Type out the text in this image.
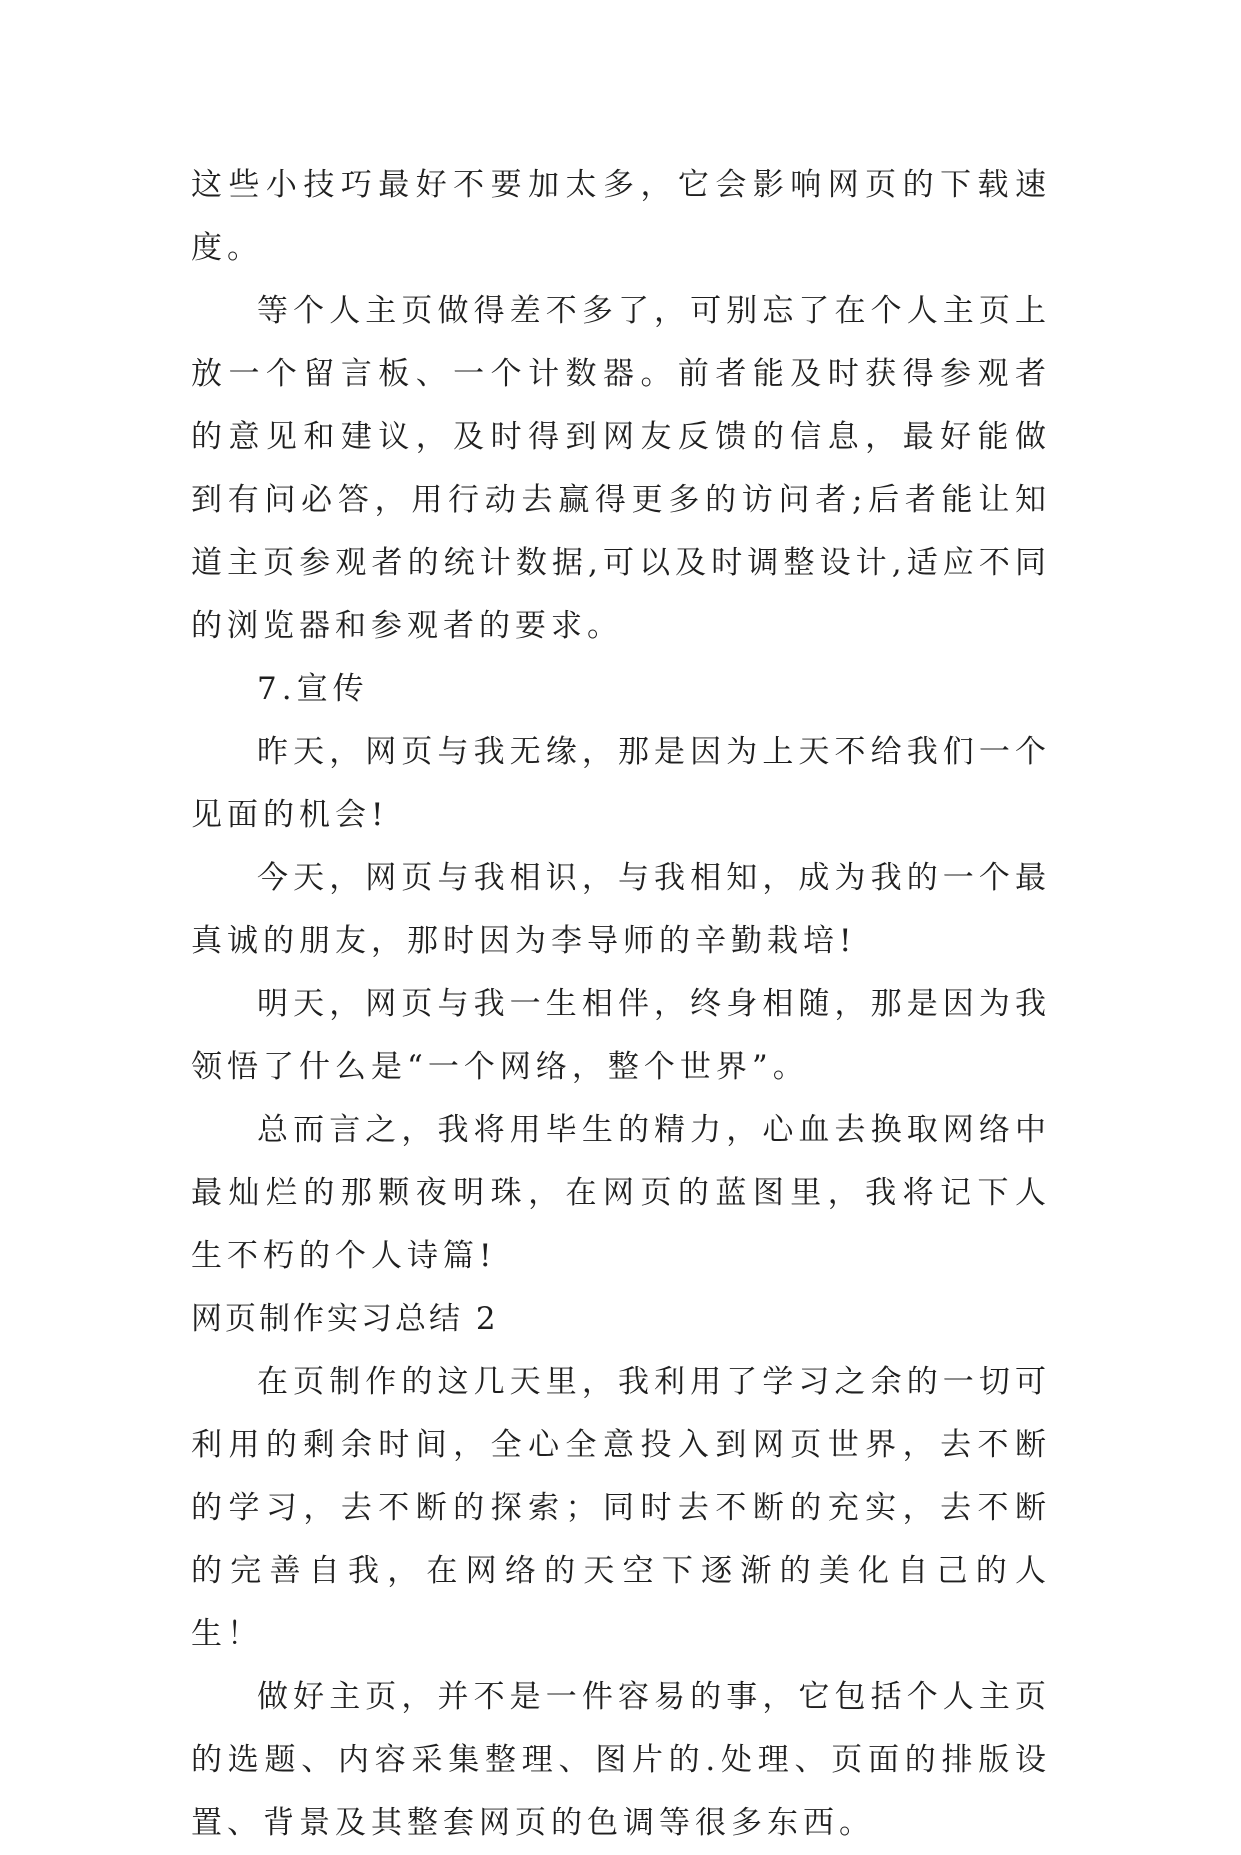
这些小技巧最好不要加太多，它会影响网页的下载速度。

等个人主页做得差不多了，可别忘了在个人主页上放一个留言板、一个计数器。前者能及时获得参观者的意见和建议，及时得到网友反馈的信息，最好能做到有问必答，用行动去赢得更多的访问者;后者能让知道主页参观者的统计数据,可以及时调整设计,适应不同的浏览器和参观者的要求。

7.宣传

昨天，网页与我无缘，那是因为上天不给我们一个见面的机会!

今天，网页与我相识，与我相知，成为我的一个最真诚的朋友，那时因为李导师的辛勤栽培!

明天，网页与我一生相伴，终身相随，那是因为我领悟了什么是“一个网络，整个世界”。

总而言之，我将用毕生的精力，心血去换取网络中最灿烂的那颗夜明珠，在网页的蓝图里，我将记下人生不朽的个人诗篇!

网页制作实习总结 2

在页制作的这几天里，我利用了学习之余的一切可利用的剩余时间，全心全意投入到网页世界，去不断的学习，去不断的探索；同时去不断的充实，去不断的完善自我，在网络的天空下逐渐的美化自己的人生！

做好主页，并不是一件容易的事，它包括个人主页的选题、内容采集整理、图片的.处理、页面的排版设置、背景及其整套网页的色调等很多东西。
